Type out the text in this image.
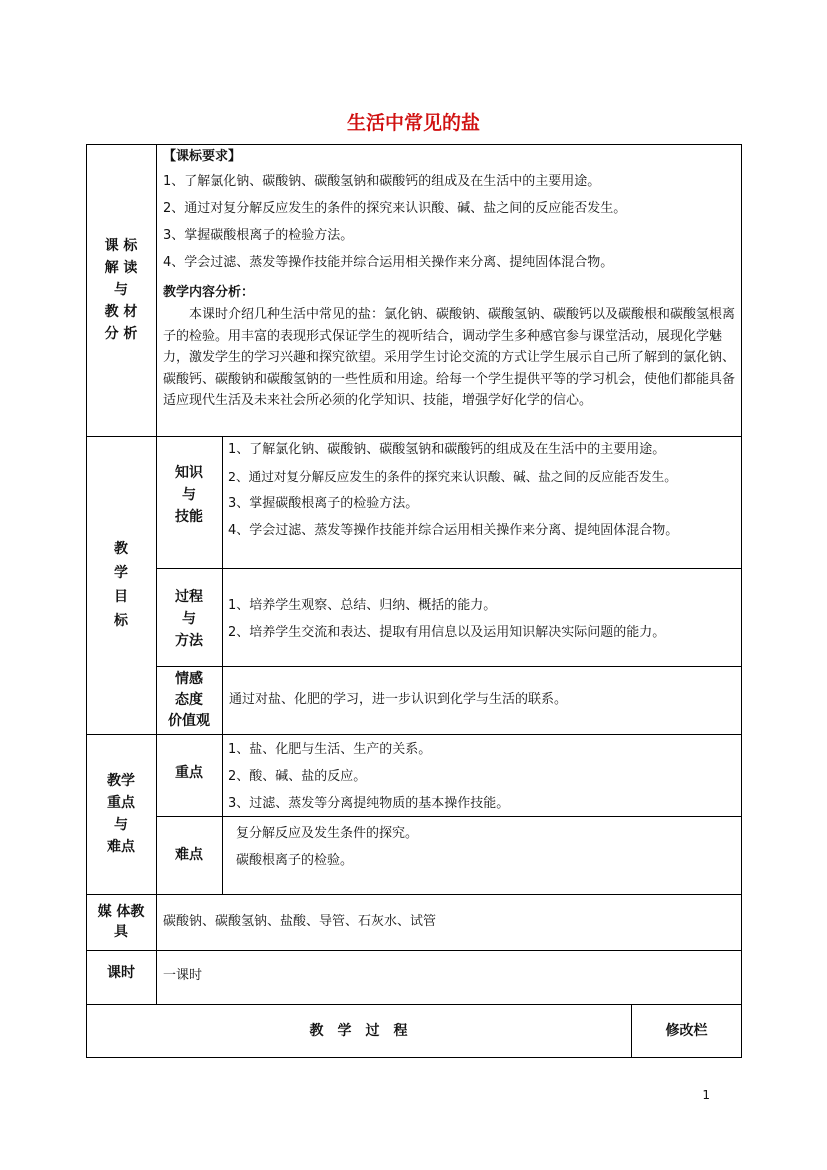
生活中常见的盐
课 标
解 读
与
教 材
分 析
【课标要求】
1、了解氯化钠、碳酸钠、碳酸氢钠和碳酸钙的组成及在生活中的主要用途。
2、通过对复分解反应发生的条件的探究来认识酸、碱、盐之间的反应能否发生。
3、掌握碳酸根离子的检验方法。
4、学会过滤、蒸发等操作技能并综合运用相关操作来分离、提纯固体混合物。
教学内容分析：
本课时介绍几种生活中常见的盐：氯化钠、碳酸钠、碳酸氢钠、碳酸钙以及碳酸根和碳酸氢根离子的检验。用丰富的表现形式保证学生的视听结合，调动学生多种感官参与课堂活动，展现化学魅力，激发学生的学习兴趣和探究欲望。采用学生讨论交流的方式让学生展示自己所了解到的氯化钠、碳酸钙、碳酸钠和碳酸氢钠的一些性质和用途。给每一个学生提供平等的学习机会，使他们都能具备适应现代生活及未来社会所必须的化学知识、技能，增强学好化学的信心。
教
学
目
标
知识
与
技能
1、了解氯化钠、碳酸钠、碳酸氢钠和碳酸钙的组成及在生活中的主要用途。
2、通过对复分解反应发生的条件的探究来认识酸、碱、盐之间的反应能否发生。
3、掌握碳酸根离子的检验方法。
4、学会过滤、蒸发等操作技能并综合运用相关操作来分离、提纯固体混合物。
过程
与
方法
1、培养学生观察、总结、归纳、概括的能力。
2、培养学生交流和表达、提取有用信息以及运用知识解决实际问题的能力。
情感
态度
价值观
通过对盐、化肥的学习，进一步认识到化学与生活的联系。
教学
重点
与
难点
重点
1、盐、化肥与生活、生产的关系。
2、酸、碱、盐的反应。
3、过滤、蒸发等分离提纯物质的基本操作技能。
难点
复分解反应及发生条件的探究。
碳酸根离子的检验。
媒 体教
具
碳酸钠、碳酸氢钠、盐酸、导管、石灰水、试管
课时	一课时
教　学　过　程	修改栏
1
